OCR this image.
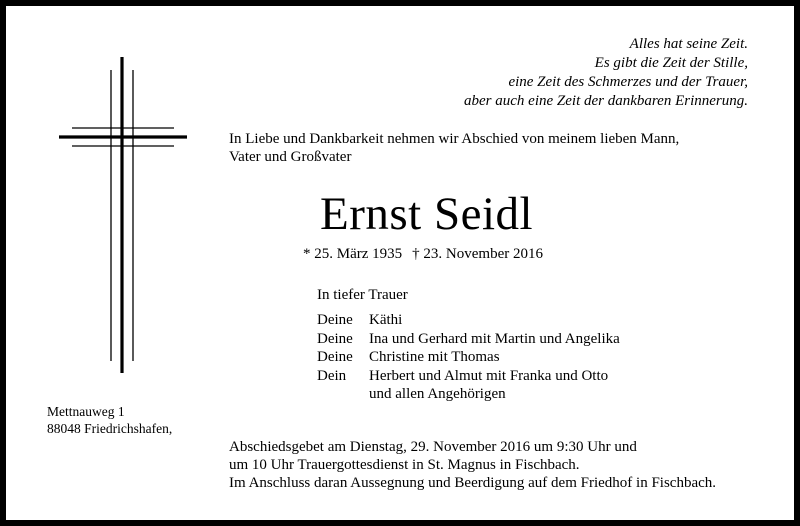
Alles hat seine Zeit.
Es gibt die Zeit der Stille,
eine Zeit des Schmerzes und der Trauer,
aber auch eine Zeit der dankbaren Erinnerung.
In Liebe und Dankbarkeit nehmen wir Abschied von meinem lieben Mann,
Vater und Großvater
Ernst Seidl
* 25. März 1935 † 23. November 2016
In tiefer Trauer
Deine	Käthi
Deine	Ina und Gerhard mit Martin und Angelika
Deine	Christine mit Thomas
Dein	Herbert und Almut mit Franka und Otto
und allen Angehörigen
Mettnauweg 1
88048 Friedrichshafen,
Abschiedsgebet am Dienstag, 29. November 2016 um 9:30 Uhr und
um 10 Uhr Trauergottesdienst in St. Magnus in Fischbach.
Im Anschluss daran Aussegnung und Beerdigung auf dem Friedhof in Fischbach.
